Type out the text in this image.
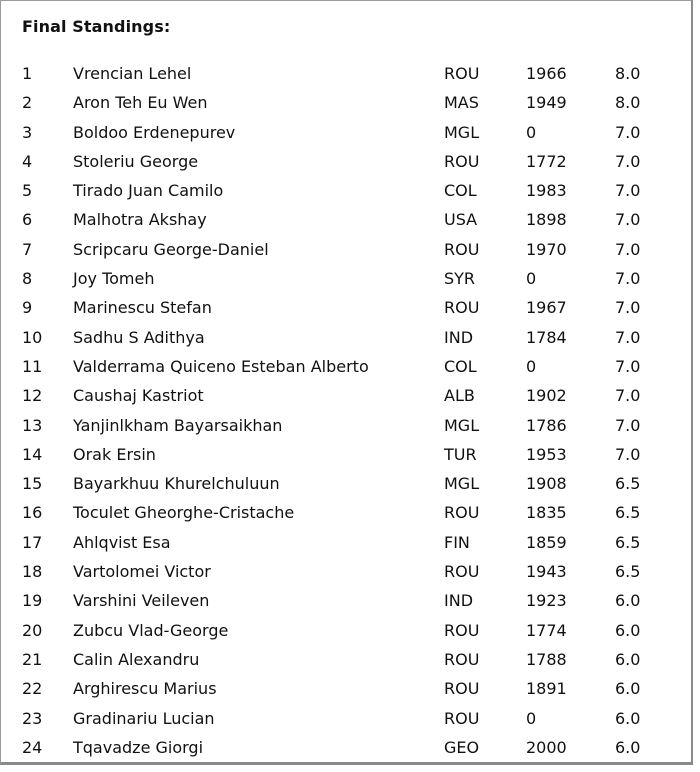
Final Standings:
1	Vrencian Lehel	ROU	1966	8.0
2	Aron Teh Eu Wen	MAS	1949	8.0
3	Boldoo Erdenepurev	MGL	0	7.0
4	Stoleriu George	ROU	1772	7.0
5	Tirado Juan Camilo	COL	1983	7.0
6	Malhotra Akshay	USA	1898	7.0
7	Scripcaru George-Daniel	ROU	1970	7.0
8	Joy Tomeh	SYR	0	7.0
9	Marinescu Stefan	ROU	1967	7.0
10 Sadhu S Adithya	IND	1784	7.0
11 Valderrama Quiceno Esteban Alberto	COL	0	7.0
12 Caushaj Kastriot	ALB	1902	7.0
13 Yanjinlkham Bayarsaikhan	MGL	1786	7.0
14 Orak Ersin	TUR	1953	7.0
15 Bayarkhuu Khurelchuluun	MGL	1908	6.5
16 Toculet Gheorghe-Cristache	ROU	1835	6.5
17 Ahlqvist Esa	FIN	1859	6.5
18 Vartolomei Victor	ROU	1943	6.5
19 Varshini Veileven	IND	1923	6.0
20 Zubcu Vlad-George	ROU	1774	6.0
21 Calin Alexandru	ROU	1788	6.0
22 Arghirescu Marius	ROU	1891	6.0
23 Gradinariu Lucian	ROU	0	6.0
24 Tqavadze Giorgi	GEO	2000	6.0
